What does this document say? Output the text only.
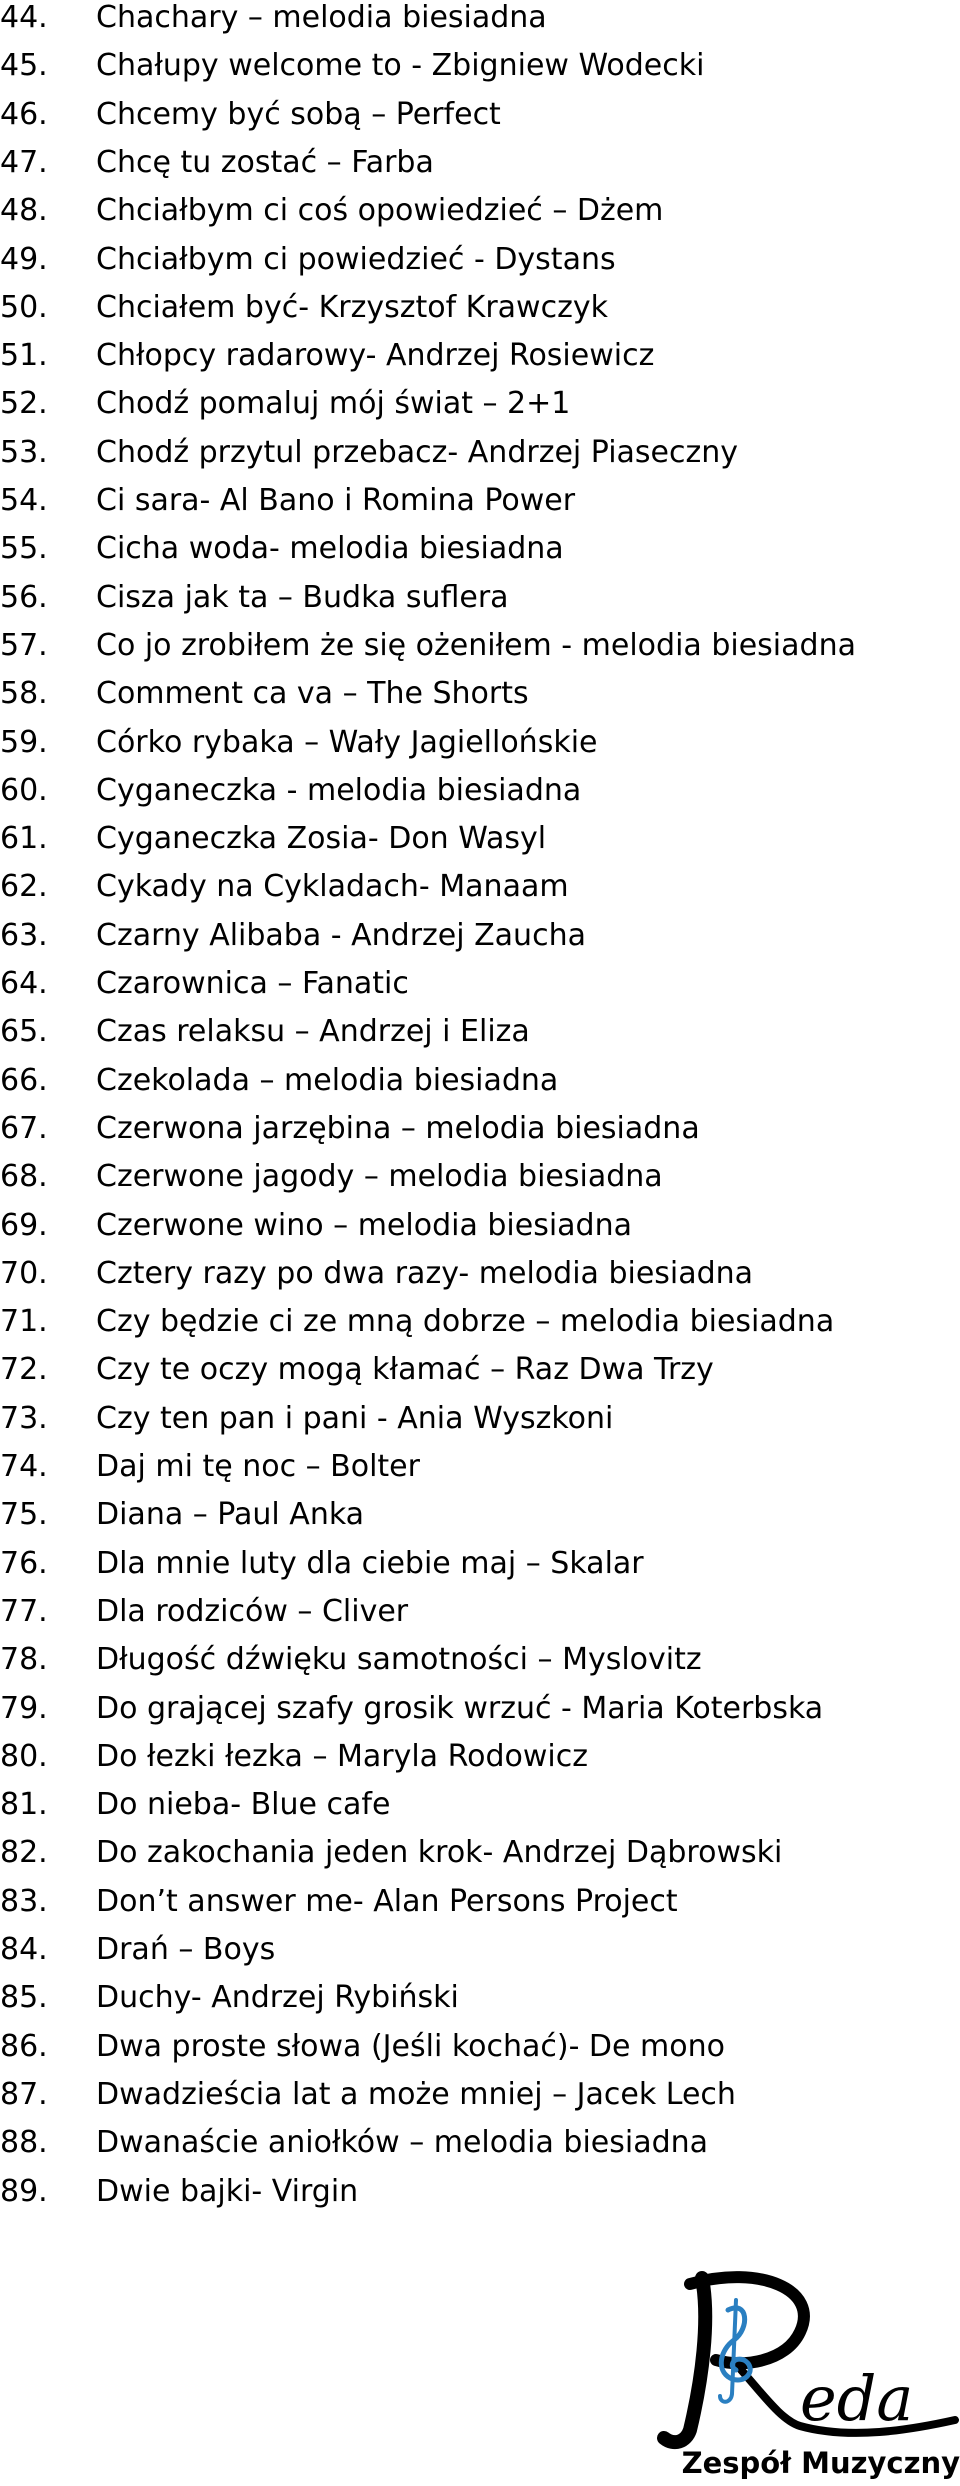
44.	Chachary – melodia biesiadna
45.	Chałupy welcome to - Zbigniew Wodecki
46.	Chcemy być sobą – Perfect
47.	Chcę tu zostać – Farba
48.	Chciałbym ci coś opowiedzieć – Dżem
49.	Chciałbym ci powiedzieć - Dystans
50.	Chciałem być- Krzysztof Krawczyk
51.	Chłopcy radarowy- Andrzej Rosiewicz
52.	Chodź pomaluj mój świat – 2+1
53.	Chodź przytul przebacz- Andrzej Piaseczny
54.	Ci sara- Al Bano i Romina Power
55.	Cicha woda- melodia biesiadna
56.	Cisza jak ta – Budka suflera
57.	Co jo zrobiłem że się ożeniłem - melodia biesiadna
58.	Comment ca va – The Shorts
59.	Córko rybaka – Wały Jagiellońskie
60.	Cyganeczka - melodia biesiadna
61.	Cyganeczka Zosia- Don Wasyl
62.	Cykady na Cykladach- Manaam
63.	Czarny Alibaba - Andrzej Zaucha
64.	Czarownica – Fanatic
65.	Czas relaksu – Andrzej i Eliza
66.	Czekolada – melodia biesiadna
67.	Czerwona jarzębina – melodia biesiadna
68.	Czerwone jagody – melodia biesiadna
69.	Czerwone wino – melodia biesiadna
70.	Cztery razy po dwa razy- melodia biesiadna
71.	Czy będzie ci ze mną dobrze – melodia biesiadna
72.	Czy te oczy mogą kłamać – Raz Dwa Trzy
73.	Czy ten pan i pani - Ania Wyszkoni
74.	Daj mi tę noc – Bolter
75.	Diana – Paul Anka
76.	Dla mnie luty dla ciebie maj – Skalar
77.	Dla rodziców – Cliver
78.	Długość dźwięku samotności – Myslovitz
79.	Do grającej szafy grosik wrzuć - Maria Koterbska
80.	Do łezki łezka – Maryla Rodowicz
81.	Do nieba- Blue cafe
82.	Do zakochania jeden krok- Andrzej Dąbrowski
83.	Don’t answer me- Alan Persons Project
84.	Drań – Boys
85.	Duchy- Andrzej Rybiński
86.	Dwa proste słowa (Jeśli kochać)- De mono
87.	Dwadzieścia lat a może mniej – Jacek Lech
88.	Dwanaście aniołków – melodia biesiadna
89.	Dwie bajki- Virgin
eda
Zespół Muzyczny
